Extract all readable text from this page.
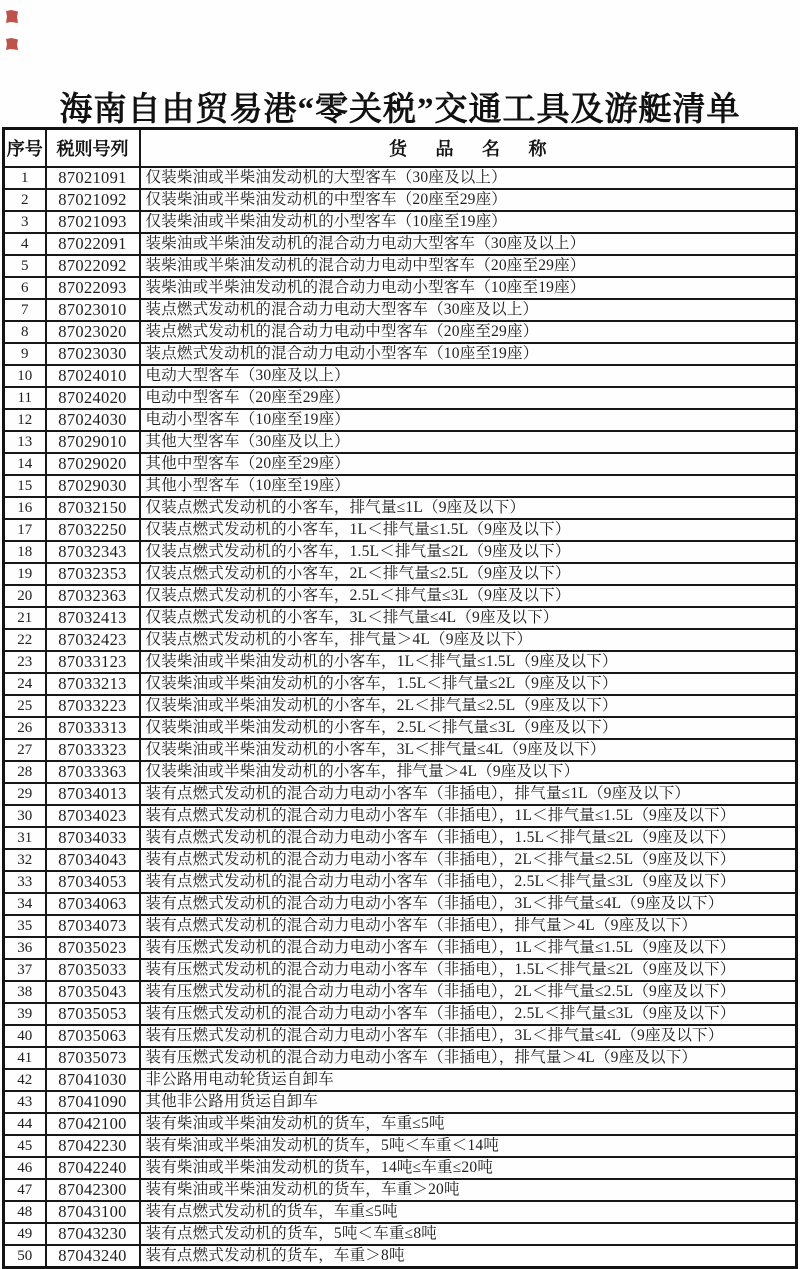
海南自由贸易港“零关税”交通工具及游艇清单
序号	税则号列	货 品 名 称
1	87021091	仅装柴油或半柴油发动机的大型客车（30座及以上）
2	87021092	仅装柴油或半柴油发动机的中型客车（20座至29座）
3	87021093	仅装柴油或半柴油发动机的小型客车（10座至19座）
4	87022091	装柴油或半柴油发动机的混合动力电动大型客车（30座及以上）
5	87022092	装柴油或半柴油发动机的混合动力电动中型客车（20座至29座）
6	87022093	装柴油或半柴油发动机的混合动力电动小型客车（10座至19座）
7	87023010	装点燃式发动机的混合动力电动大型客车（30座及以上）
8	87023020	装点燃式发动机的混合动力电动中型客车（20座至29座）
9	87023030	装点燃式发动机的混合动力电动小型客车（10座至19座）
10	87024010	电动大型客车（30座及以上）
11	87024020	电动中型客车（20座至29座）
12	87024030	电动小型客车（10座至19座）
13	87029010	其他大型客车（30座及以上）
14	87029020	其他中型客车（20座至29座）
15	87029030	其他小型客车（10座至19座）
16	87032150	仅装点燃式发动机的小客车，排气量≤1L（9座及以下）
17	87032250	仅装点燃式发动机的小客车，1L＜排气量≤1.5L（9座及以下）
18	87032343	仅装点燃式发动机的小客车，1.5L＜排气量≤2L（9座及以下）
19	87032353	仅装点燃式发动机的小客车，2L＜排气量≤2.5L（9座及以下）
20	87032363	仅装点燃式发动机的小客车，2.5L＜排气量≤3L（9座及以下）
21	87032413	仅装点燃式发动机的小客车，3L＜排气量≤4L（9座及以下）
22	87032423	仅装点燃式发动机的小客车，排气量＞4L（9座及以下）
23	87033123	仅装柴油或半柴油发动机的小客车，1L＜排气量≤1.5L（9座及以下）
24	87033213	仅装柴油或半柴油发动机的小客车，1.5L＜排气量≤2L（9座及以下）
25	87033223	仅装柴油或半柴油发动机的小客车，2L＜排气量≤2.5L（9座及以下）
26	87033313	仅装柴油或半柴油发动机的小客车，2.5L＜排气量≤3L（9座及以下）
27	87033323	仅装柴油或半柴油发动机的小客车，3L＜排气量≤4L（9座及以下）
28	87033363	仅装柴油或半柴油发动机的小客车，排气量＞4L（9座及以下）
29	87034013	装有点燃式发动机的混合动力电动小客车（非插电），排气量≤1L（9座及以下）
30	87034023	装有点燃式发动机的混合动力电动小客车（非插电），1L＜排气量≤1.5L（9座及以下）
31	87034033	装有点燃式发动机的混合动力电动小客车（非插电），1.5L＜排气量≤2L（9座及以下）
32	87034043	装有点燃式发动机的混合动力电动小客车（非插电），2L＜排气量≤2.5L（9座及以下）
33	87034053	装有点燃式发动机的混合动力电动小客车（非插电），2.5L＜排气量≤3L（9座及以下）
34	87034063	装有点燃式发动机的混合动力电动小客车（非插电），3L＜排气量≤4L（9座及以下）
35	87034073	装有点燃式发动机的混合动力电动小客车（非插电），排气量＞4L（9座及以下）
36	87035023	装有压燃式发动机的混合动力电动小客车（非插电），1L＜排气量≤1.5L（9座及以下）
37	87035033	装有压燃式发动机的混合动力电动小客车（非插电），1.5L＜排气量≤2L（9座及以下）
38	87035043	装有压燃式发动机的混合动力电动小客车（非插电），2L＜排气量≤2.5L（9座及以下）
39	87035053	装有压燃式发动机的混合动力电动小客车（非插电），2.5L＜排气量≤3L（9座及以下）
40	87035063	装有压燃式发动机的混合动力电动小客车（非插电），3L＜排气量≤4L（9座及以下）
41	87035073	装有压燃式发动机的混合动力电动小客车（非插电），排气量＞4L（9座及以下）
42	87041030	非公路用电动轮货运自卸车
43	87041090	其他非公路用货运自卸车
44	87042100	装有柴油或半柴油发动机的货车，车重≤5吨
45	87042230	装有柴油或半柴油发动机的货车，5吨＜车重＜14吨
46	87042240	装有柴油或半柴油发动机的货车，14吨≤车重≤20吨
47	87042300	装有柴油或半柴油发动机的货车，车重＞20吨
48	87043100	装有点燃式发动机的货车，车重≤5吨
49	87043230	装有点燃式发动机的货车，5吨＜车重≤8吨
50	87043240	装有点燃式发动机的货车，车重＞8吨
